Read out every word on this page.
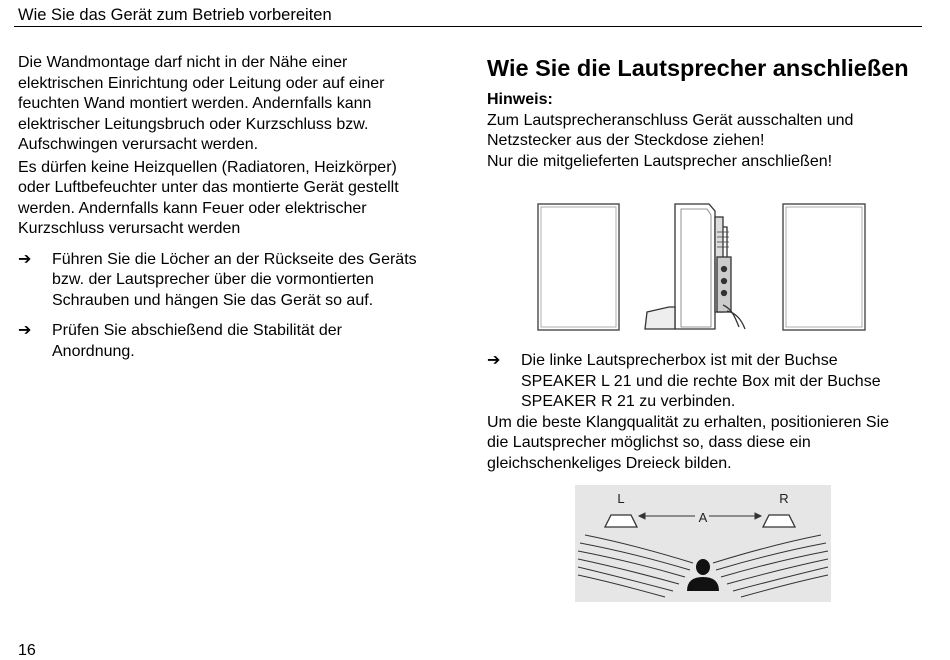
Wie Sie das Gerät zum Betrieb vorbereiten

Die Wandmontage darf nicht in der Nähe einer

elektrischen Einrichtung oder Leitung oder auf einer

feuchten Wand montiert werden. Andernfalls kann

elektrischer Leitungsbruch oder Kurzschluss bzw.

Aufschwingen verursacht werden.

Es dürfen keine Heizquellen (Radiatoren, Heizkörper)

oder Luftbefeuchter unter das montierte Gerät gestellt

werden. Andernfalls kann Feuer oder elektrischer

Kurzschluss verursacht werden

➔ Führen Sie die Löcher an der Rückseite des Geräts

bzw. der Lautsprecher über die vormontierten

Schrauben und hängen Sie das Gerät so auf.

➔ Prüfen Sie abschießend die Stabilität der

Anordnung.

Wie Sie die Lautsprecher anschließen

Hinweis:

Zum Lautsprecheranschluss Gerät ausschalten und

Netzstecker aus der Steckdose ziehen!

Nur die mitgelieferten Lautsprecher anschließen!

➔ Die linke Lautsprecherbox ist mit der Buchse

SPEAKER L 21 und die rechte Box mit der Buchse

SPEAKER R 21 zu verbinden.

Um die beste Klangqualität zu erhalten, positionieren Sie

die Lautsprecher möglichst so, dass diese ein

gleichschenkeliges Dreieck bilden.

L	R
A
16
